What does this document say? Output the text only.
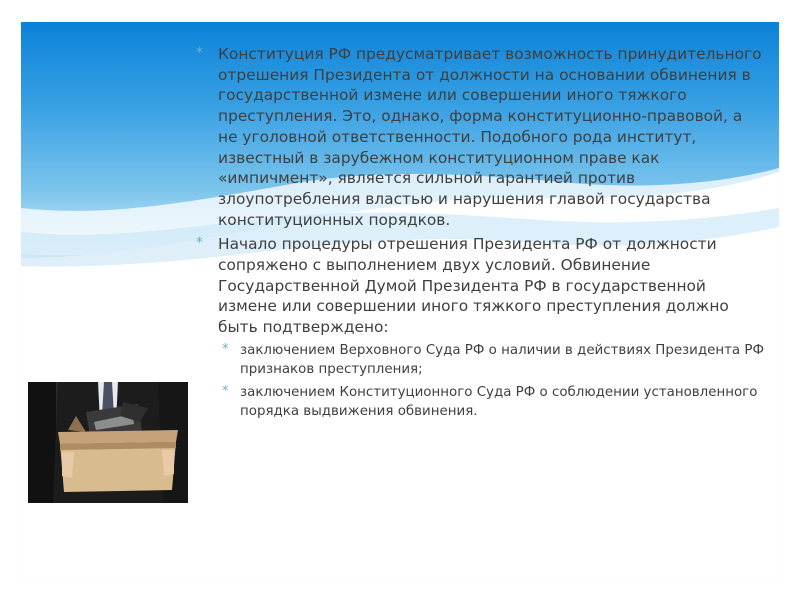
* Конституция РФ предусматривает возможность принудительного отрешения Президента от должности на основании обвинения в государственной измене или совершении иного тяжкого преступления. Это, однако, форма конституционно-правовой, а не уголовной ответственности. Подобного рода институт, известный в зарубежном конституционном праве как «импичмент», является сильной гарантией против злоупотребления властью и нарушения главой государства конституционных порядков.

* Начало процедуры отрешения Президента РФ от должности сопряжено с выполнением двух условий. Обвинение Государственной Думой Президента РФ в государственной измене или совершении иного тяжкого преступления должно быть подтверждено:

* заключением Верховного Суда РФ о наличии в действиях Президента РФ признаков преступления;

* заключением Конституционного Суда РФ о соблюдении установленного порядка выдвижения обвинения.
